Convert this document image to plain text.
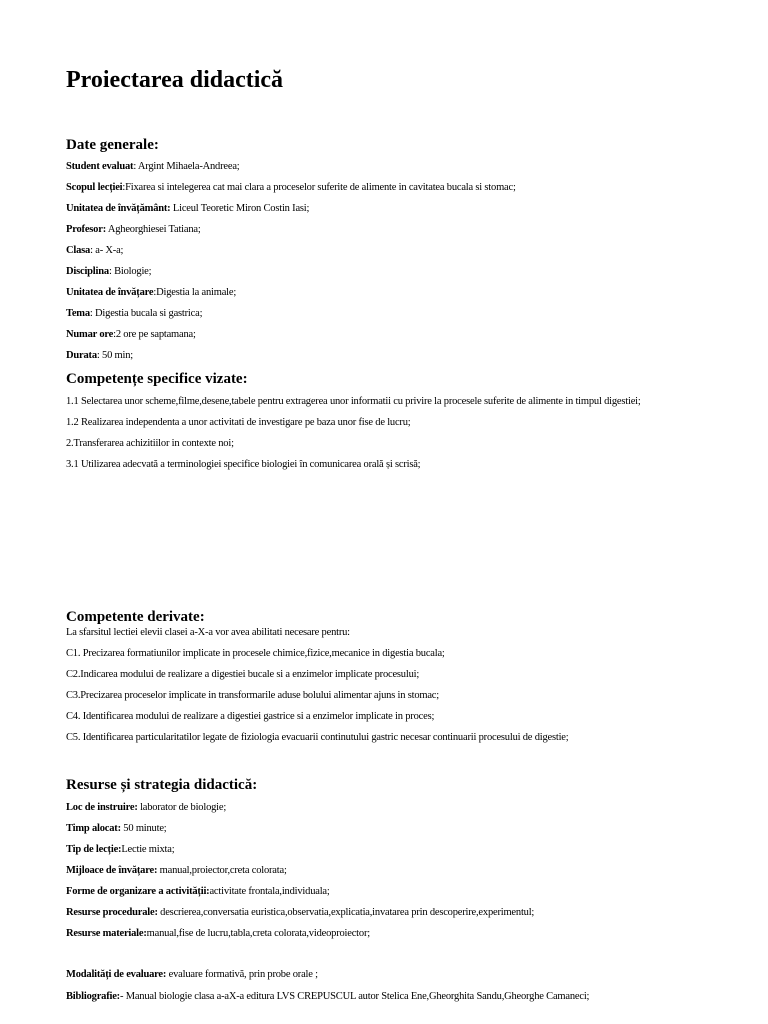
Proiectarea didactică
Date generale:
Student evaluat: Argint Mihaela-Andreea;
Scopul lecției:Fixarea si intelegerea cat mai clara a proceselor suferite de alimente in cavitatea bucala si stomac;
Unitatea de învățământ: Liceul Teoretic Miron Costin Iasi;
Profesor: Agheorghiesei Tatiana;
Clasa: a- X-a;
Disciplina: Biologie;
Unitatea de învățare:Digestia la animale;
Tema: Digestia bucala si gastrica;
Numar ore:2 ore pe saptamana;
Durata: 50 min;
Competențe specifice vizate:
1.1 Selectarea unor scheme,filme,desene,tabele pentru extragerea unor informatii cu privire la procesele suferite de alimente in timpul digestiei;
1.2 Realizarea independenta a unor activitati de investigare pe baza unor fise de lucru;
2.Transferarea achizitiilor in contexte noi;
3.1 Utilizarea adecvată a terminologiei specifice biologiei în comunicarea orală și scrisă;
Competente derivate:
La sfarsitul lectiei elevii clasei a-X-a vor avea abilitati necesare pentru:
C1. Precizarea formatiunilor implicate in procesele chimice,fizice,mecanice in digestia bucala;
C2.Indicarea modului de realizare a digestiei bucale si a enzimelor implicate procesului;
C3.Precizarea proceselor implicate in transformarile aduse bolului alimentar ajuns in stomac;
C4. Identificarea modului de realizare a digestiei gastrice si a enzimelor implicate in proces;
C5. Identificarea particularitatilor legate de fiziologia evacuarii continutului gastric necesar continuarii procesului de digestie;
Resurse și strategia didactică:
Loc de instruire: laborator de biologie;
Timp alocat: 50 minute;
Tip de lecție:Lectie mixta;
Mijloace de învățare: manual,proiector,creta colorata;
Forme de organizare a activității:activitate frontala,individuala;
Resurse procedurale: descrierea,conversatia euristica,observatia,explicatia,invatarea prin descoperire,experimentul;
Resurse materiale:manual,fise de lucru,tabla,creta colorata,videoproiector;
Modalități de evaluare: evaluare formativă, prin probe orale ;
Bibliografie:- Manual biologie clasa a-aX-a editura LVS CREPUSCUL autor Stelica Ene,Gheorghita Sandu,Gheorghe Camaneci;
